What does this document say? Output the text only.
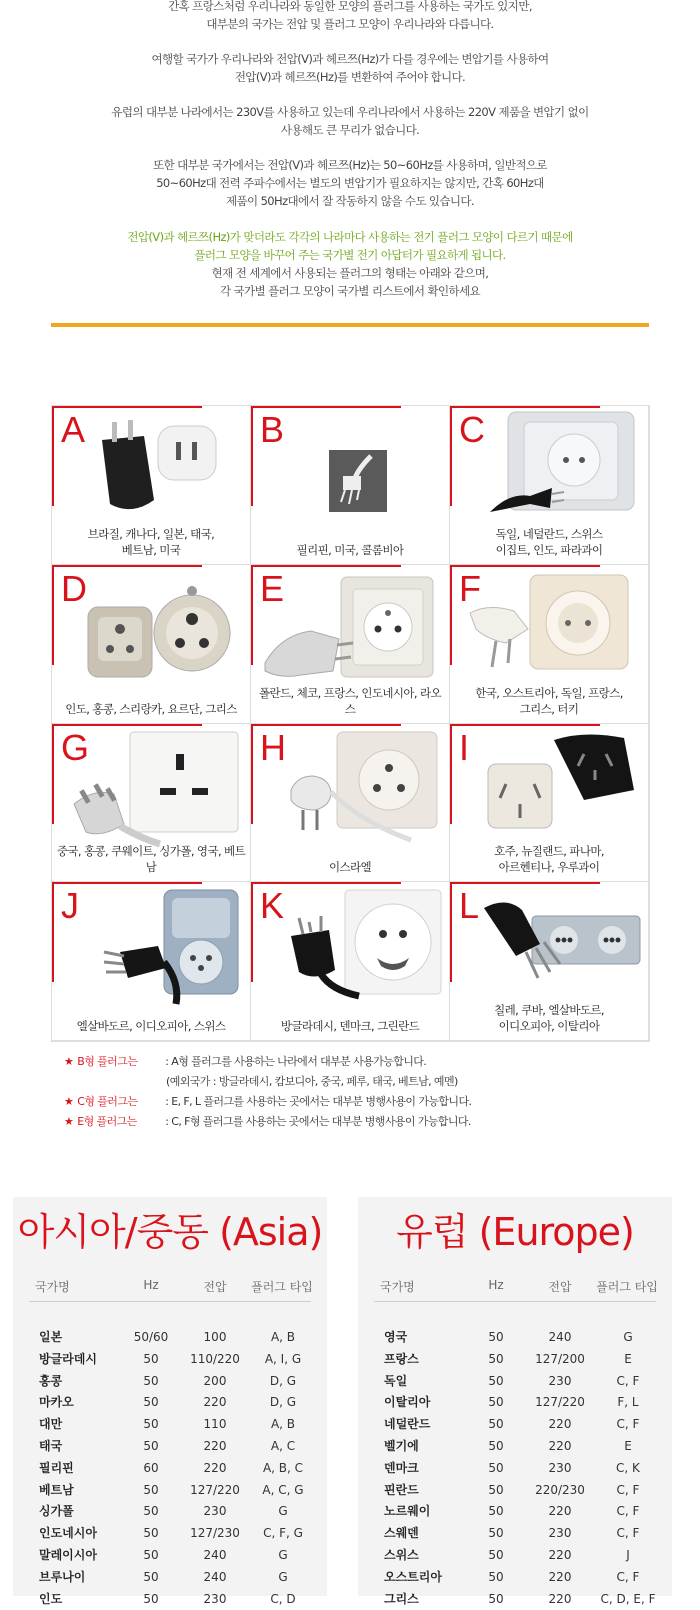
간혹 프랑스처럼 우리나라와 동일한 모양의 플러그를 사용하는 국가도 있지만,

대부분의 국가는 전압 및 플러그 모양이 우리나라와 다릅니다.

여행할 국가가 우리나라와 전압(V)과 헤르쯔(Hz)가 다를 경우에는 변압기를 사용하여

전압(V)과 헤르쯔(Hz)를 변환하여 주어야 합니다.

유럽의 대부분 나라에서는 230V를 사용하고 있는데 우리나라에서 사용하는 220V 제품을 변압기 없이

사용해도 큰 무리가 없습니다.

또한 대부분 국가에서는 전압(V)과 헤르쯔(Hz)는 50~60Hz를 사용하며, 일반적으로

50~60Hz대 전력 주파수에서는 별도의 변압기가 필요하지는 않지만, 간혹 60Hz대

제품이 50Hz대에서 잘 작동하지 않을 수도 있습니다.

전압(V)과 헤르쯔(Hz)가 맞더라도 각각의 나라마다 사용하는 전기 플러그 모양이 다르기 때문에

플러그 모양을 바꾸어 주는 국가별 전기 아답터가 필요하게 됩니다.

현재 전 세계에서 사용되는 플러그의 형태는 아래와 같으며,

각 국가별 플러그 모양이 국가별 리스트에서 확인하세요

A
브라질, 캐나다, 일본, 태국,
베트남, 미국
B
필리핀, 미국, 콜롬비아
C
독일, 네덜란드, 스위스
이집트, 인도, 파라과이
D
인도, 홍콩, 스리랑카, 요르단, 그리스
E
폴란드, 체코, 프랑스, 인도네시아, 라오스
F
한국, 오스트리아, 독일, 프랑스,
그리스, 터키
G
중국, 홍콩, 쿠웨이트, 싱가폴, 영국, 베트남
H
이스라엘
I
호주, 뉴질랜드, 파나마,
아르헨티나, 우루과이
J
엘살바도르, 이디오피아, 스위스
K
방글라데시, 덴마크, 그린란드
L
칠레, 쿠바, 엘살바도르,
이디오피아, 이탈리아
★ B형 플러그는	: A형 플러그를 사용하는 나라에서 대부분 사용가능합니다.
(예외국가 : 방글라데시, 캄보디아, 중국, 페루, 태국, 베트남, 예멘)
★ C형 플러그는	: E, F, L 플러그를 사용하는 곳에서는 대부분 병행사용이 가능합니다.
★ E형 플러그는	: C, F형 플러그를 사용하는 곳에서는 대부분 병행사용이 가능합니다.
아시아/중동 (Asia)
국가명	Hz	전압	플러그 타입
일본	50/60	100	A, B
방글라데시	50	110/220	A, I, G
홍콩	50	200	D, G
마카오	50	220	D, G
대만	50	110	A, B
태국	50	220	A, C
필리핀	60	220	A, B, C
베트남	50	127/220	A, C, G
싱가폴	50	230	G
인도네시아	50	127/230	C, F, G
말레이시아	50	240	G
브루나이	50	240	G
인도	50	230	C, D
유럽 (Europe)
국가명	Hz	전압	플러그 타입
영국	50	240	G
프랑스	50	127/200	E
독일	50	230	C, F
이탈리아	50	127/220	F, L
네덜란드	50	220	C, F
벨기에	50	220	E
덴마크	50	230	C, K
핀란드	50	220/230	C, F
노르웨이	50	220	C, F
스웨덴	50	230	C, F
스위스	50	220	J
오스트리아	50	220	C, F
그리스	50	220	C, D, E, F
